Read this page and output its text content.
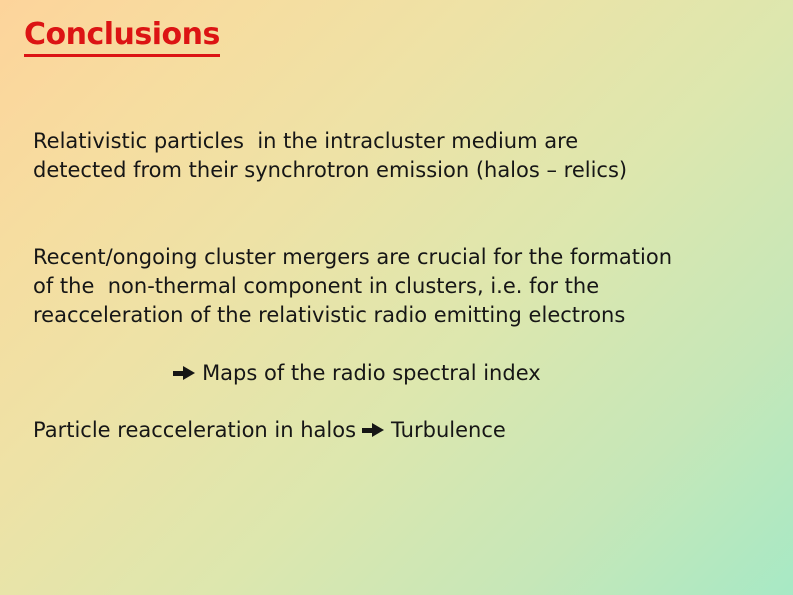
Conclusions
Relativistic particles  in the intracluster medium are
detected from their synchrotron emission (halos – relics)
Recent/ongoing cluster mergers are crucial for the formation
of the  non-thermal component in clusters, i.e. for the
reacceleration of the relativistic radio emitting electrons

Maps of the radio spectral index

Particle reacceleration in halos Turbulence
